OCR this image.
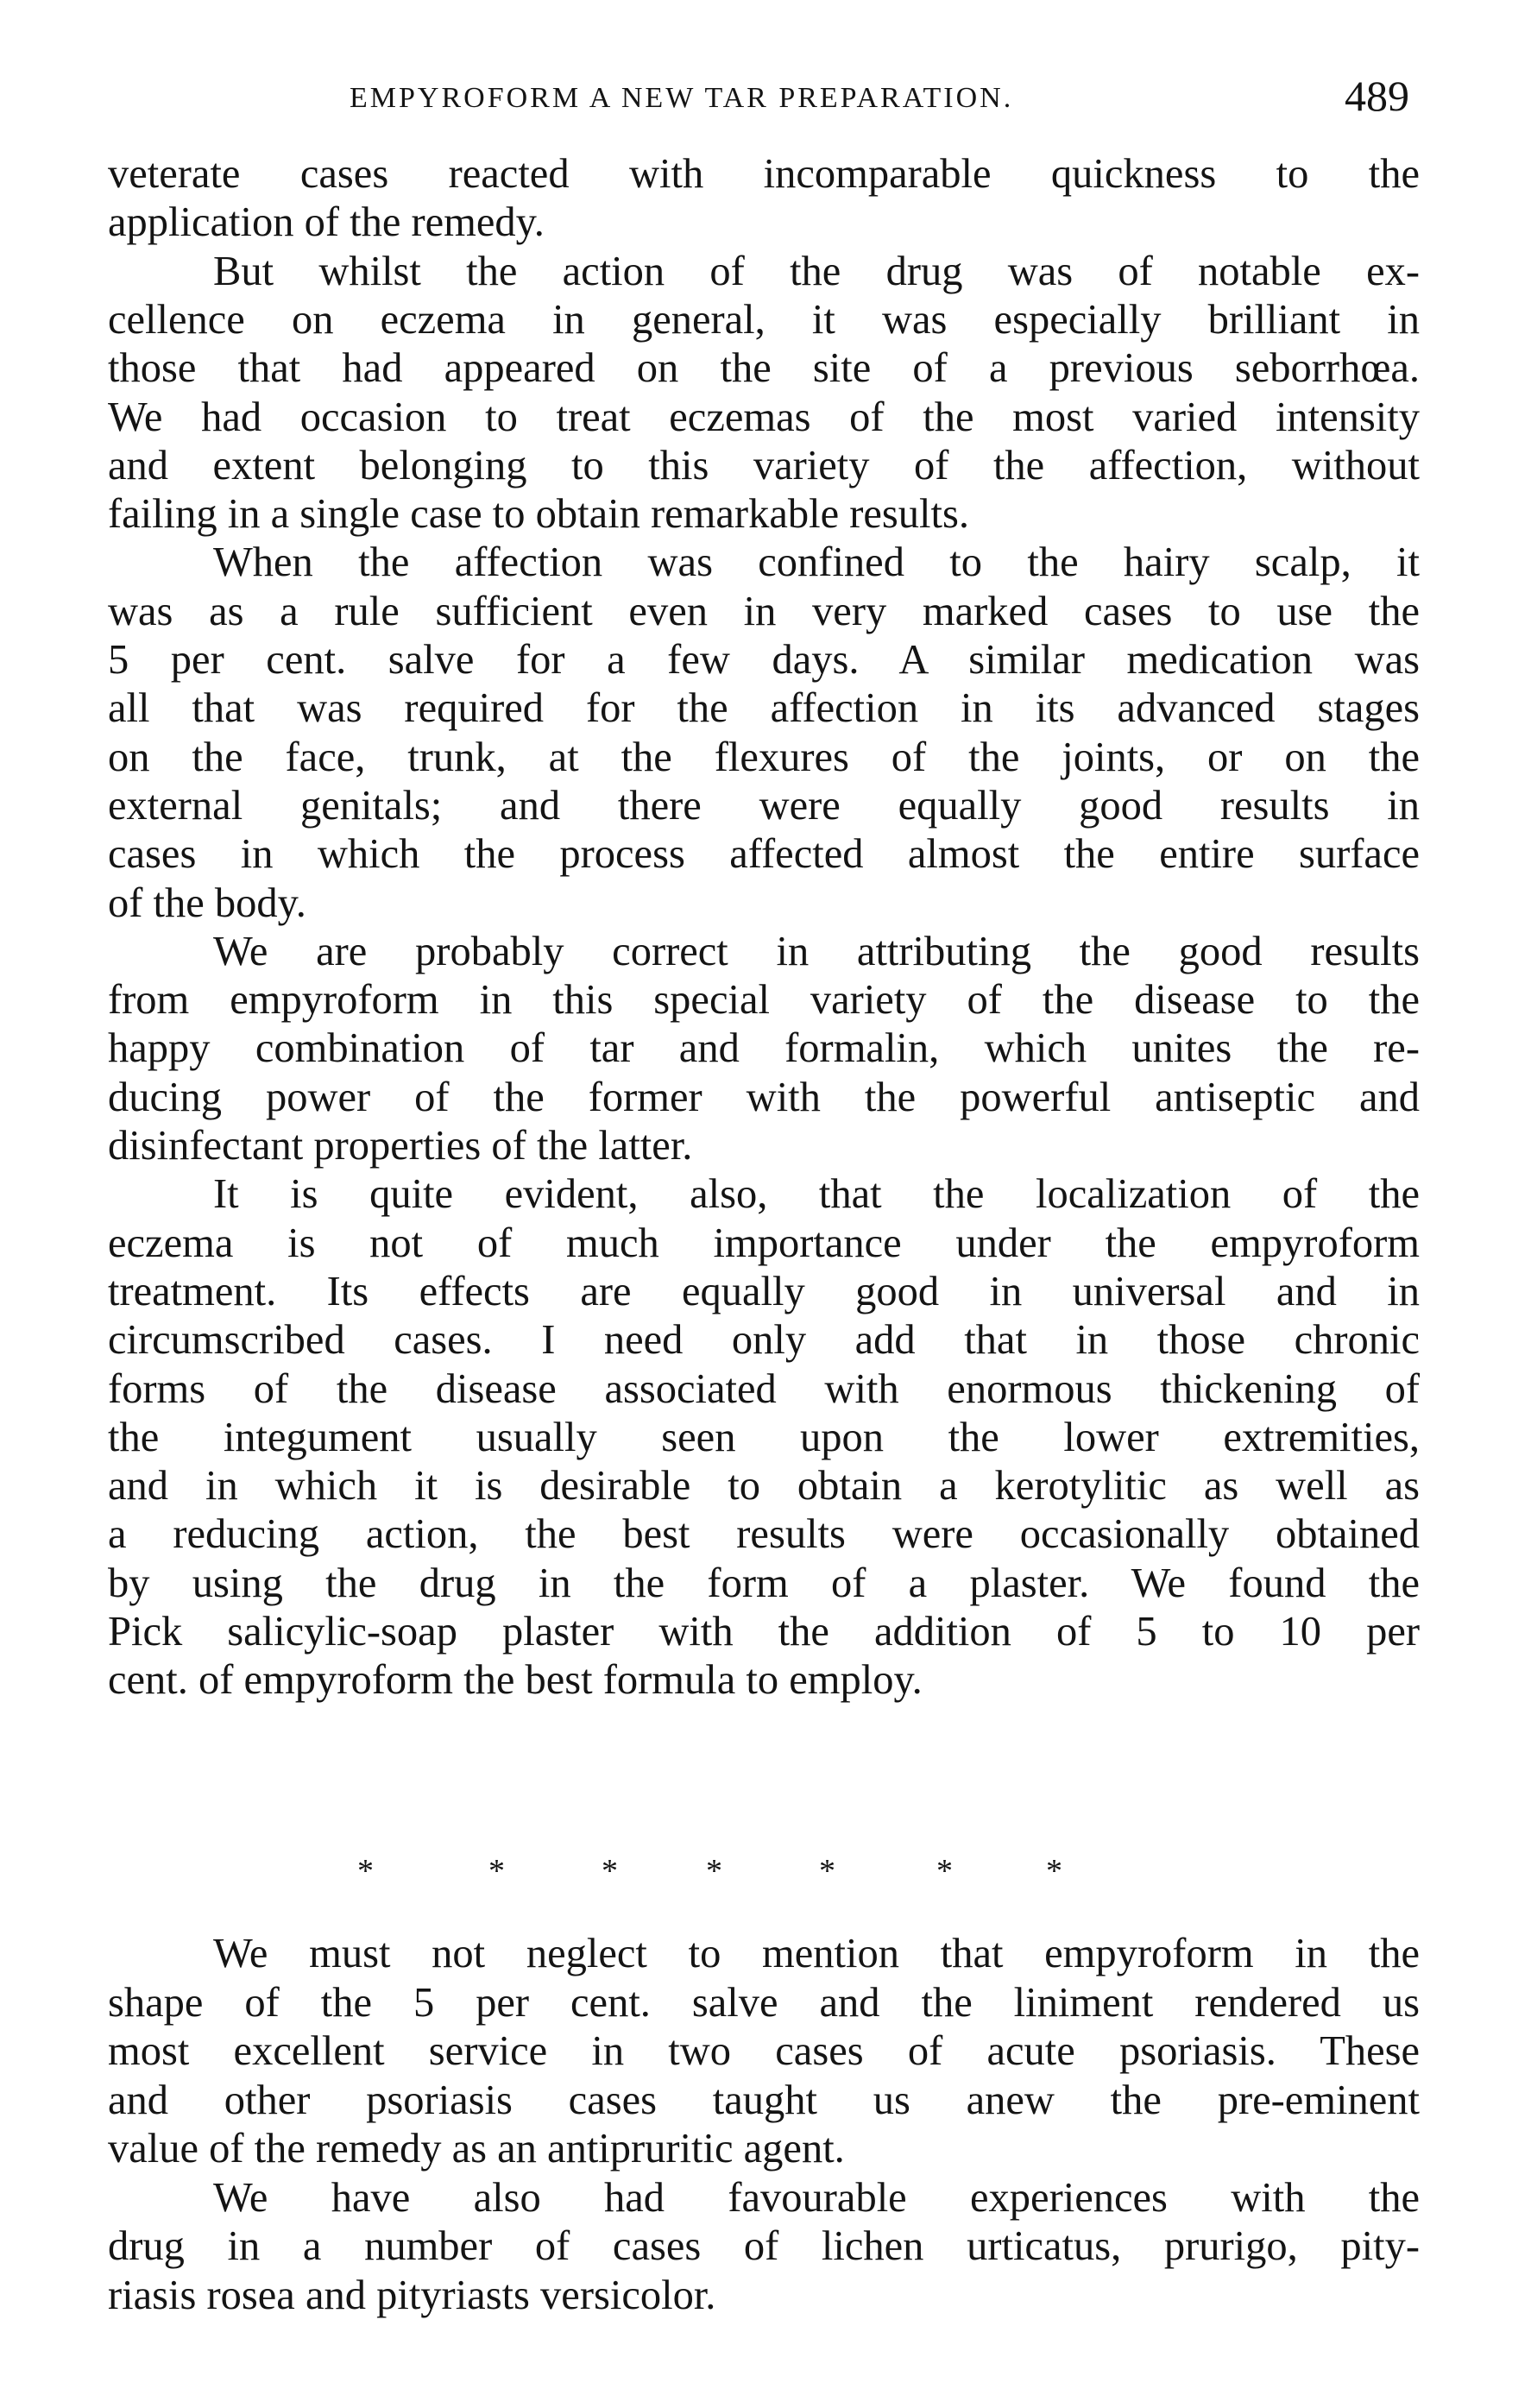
EMPYROFORM A NEW TAR PREPARATION.	489
veterate cases reacted with incomparable quickness to the
application of the remedy.
But whilst the action of the drug was of notable ex-
cellence on eczema in general, it was especially brilliant in
those that had appeared on the site of a previous seborrhœa.
We had occasion to treat eczemas of the most varied intensity
and extent belonging to this variety of the affection, without
failing in a single case to obtain remarkable results.
When the affection was confined to the hairy scalp, it
was as a rule sufficient even in very marked cases to use the
5 per cent. salve for a few days. A similar medication was
all that was required for the affection in its advanced stages
on the face, trunk, at the flexures of the joints, or on the
external genitals; and there were equally good results in
cases in which the process affected almost the entire surface
of the body.
We are probably correct in attributing the good results
from empyroform in this special variety of the disease to the
happy combination of tar and formalin, which unites the re-
ducing power of the former with the powerful antiseptic and
disinfectant properties of the latter.
It is quite evident, also, that the localization of the
eczema is not of much importance under the empyroform
treatment. Its effects are equally good in universal and in
circumscribed cases. I need only add that in those chronic
forms of the disease associated with enormous thickening of
the integument usually seen upon the lower extremities,
and in which it is desirable to obtain a kerotylitic as well as
a reducing action, the best results were occasionally obtained
by using the drug in the form of a plaster. We found the
Pick salicylic-soap plaster with the addition of 5 to 10 per
cent. of empyroform the best formula to employ.
*	*	*	*	*	*	*
We must not neglect to mention that empyroform in the
shape of the 5 per cent. salve and the liniment rendered us
most excellent service in two cases of acute psoriasis. These
and other psoriasis cases taught us anew the pre-eminent
value of the remedy as an antipruritic agent.
We have also had favourable experiences with the
drug in a number of cases of lichen urticatus, prurigo, pity-
riasis rosea and pityriasts versicolor.
